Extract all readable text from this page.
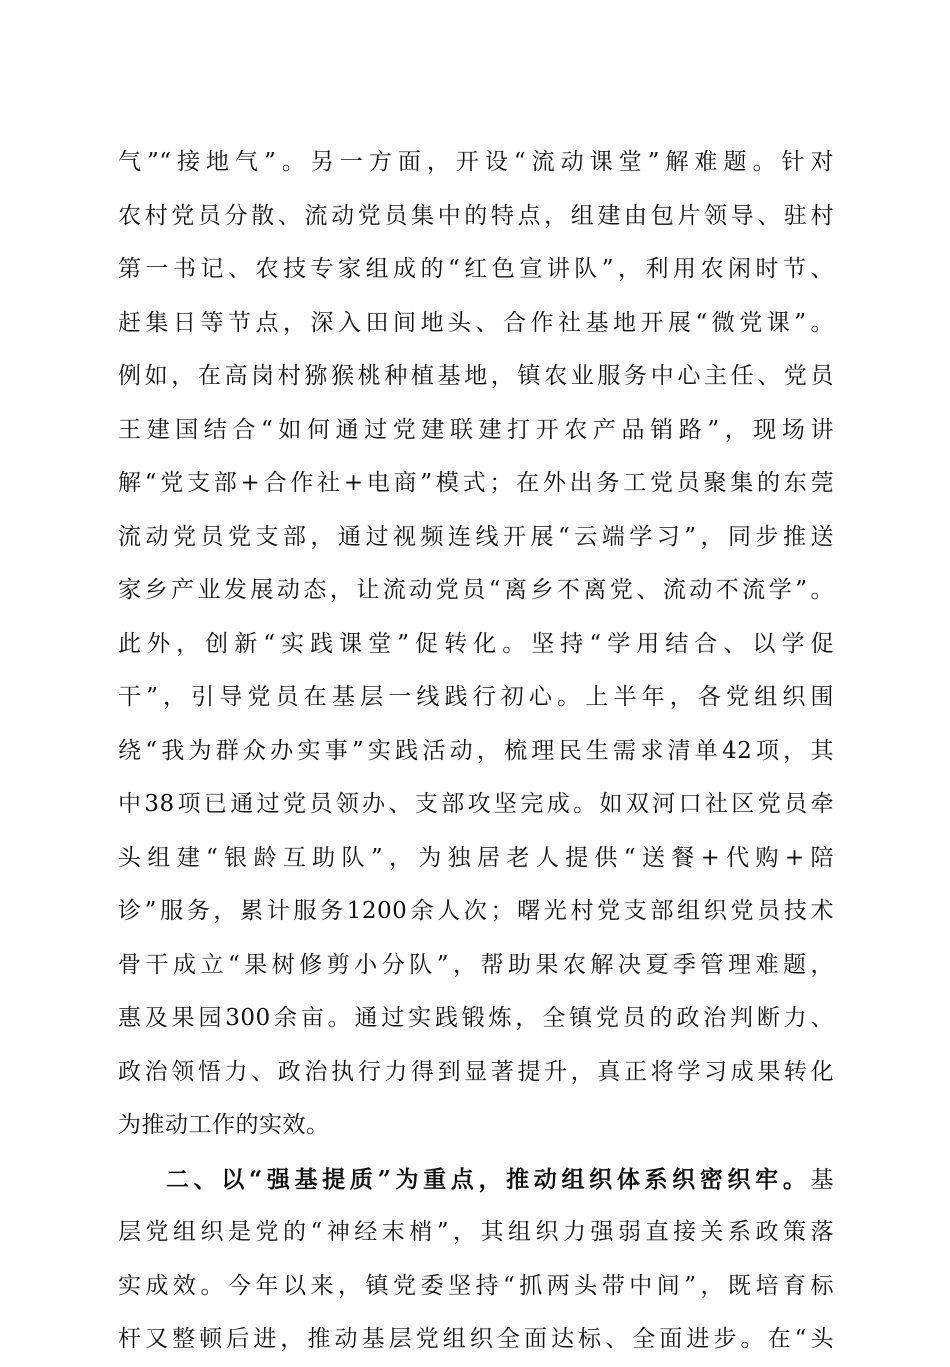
气”“接地气”。另一方面，开设“流动课堂”解难题。针对
农村党员分散、流动党员集中的特点，组建由包片领导、驻村
第一书记、农技专家组成的“红色宣讲队”，利用农闲时节、
赶集日等节点，深入田间地头、合作社基地开展“微党课”。
例如，在高岗村猕猴桃种植基地，镇农业服务中心主任、党员
王建国结合“如何通过党建联建打开农产品销路”，现场讲
解“党支部+合作社+电商”模式；在外出务工党员聚集的东莞
流动党员党支部，通过视频连线开展“云端学习”，同步推送
家乡产业发展动态，让流动党员“离乡不离党、流动不流学”。
此外，创新“实践课堂”促转化。坚持“学用结合、以学促
干”，引导党员在基层一线践行初心。上半年，各党组织围
绕“我为群众办实事”实践活动，梳理民生需求清单42项，其
中38项已通过党员领办、支部攻坚完成。如双河口社区党员牵
头组建“银龄互助队”，为独居老人提供“送餐+代购+陪
诊”服务，累计服务1200余人次；曙光村党支部组织党员技术
骨干成立“果树修剪小分队”，帮助果农解决夏季管理难题，
惠及果园300余亩。通过实践锻炼，全镇党员的政治判断力、
政治领悟力、政治执行力得到显著提升，真正将学习成果转化
为推动工作的实效。
二、以“强基提质”为重点，推动组织体系织密织牢。基
层党组织是党的“神经末梢”，其组织力强弱直接关系政策落
实成效。今年以来，镇党委坚持“抓两头带中间”，既培育标
杆又整顿后进，推动基层党组织全面达标、全面进步。在“头
